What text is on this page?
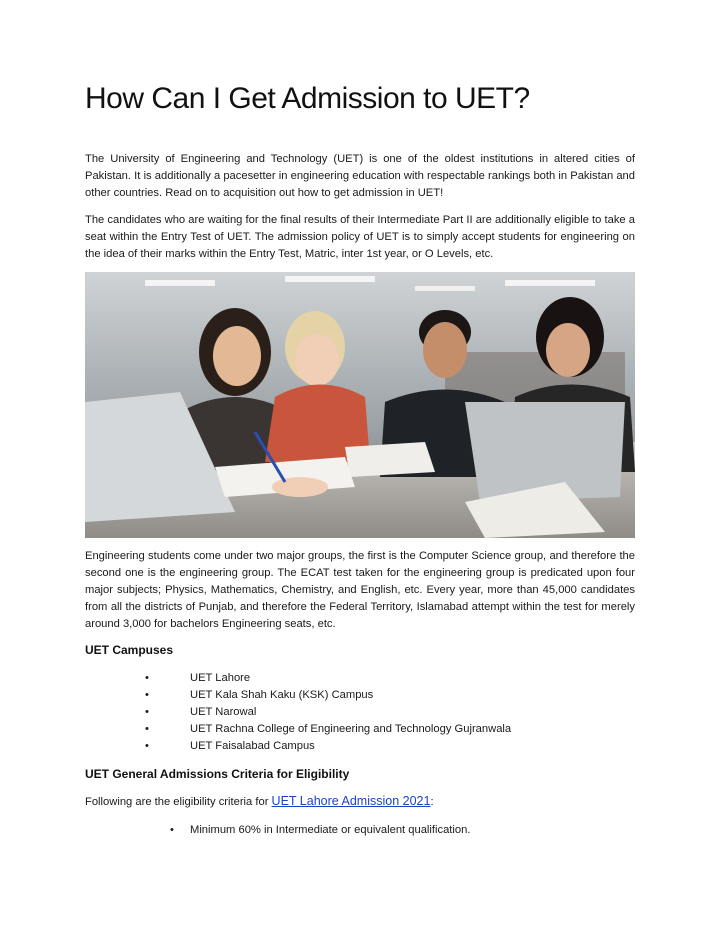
How Can I Get Admission to UET?

The University of Engineering and Technology (UET) is one of the oldest institutions in altered cities of Pakistan. It is additionally a pacesetter in engineering education with respectable rankings both in Pakistan and other countries. Read on to acquisition out how to get admission in UET!

The candidates who are waiting for the final results of their Intermediate Part II are additionally eligible to take a seat within the Entry Test of UET. The admission policy of UET is to simply accept students for engineering on the idea of their marks within the Entry Test, Matric, inter 1st year, or O Levels, etc.

Engineering students come under two major groups, the first is the Computer Science group, and therefore the second one is the engineering group. The ECAT test taken for the engineering group is predicated upon four major subjects; Physics, Mathematics, Chemistry, and English, etc. Every year, more than 45,000 candidates from all the districts of Punjab, and therefore the Federal Territory, Islamabad attempt within the test for merely around 3,000 for bachelors Engineering seats, etc.

UET Campuses
•	UET Lahore
•	UET Kala Shah Kaku (KSK) Campus
•	UET Narowal
•	UET Rachna College of Engineering and Technology Gujranwala
•	UET Faisalabad Campus
UET General Admissions Criteria for Eligibility
Following are the eligibility criteria for UET Lahore Admission 2021:
• Minimum 60% in Intermediate or equivalent qualification.
